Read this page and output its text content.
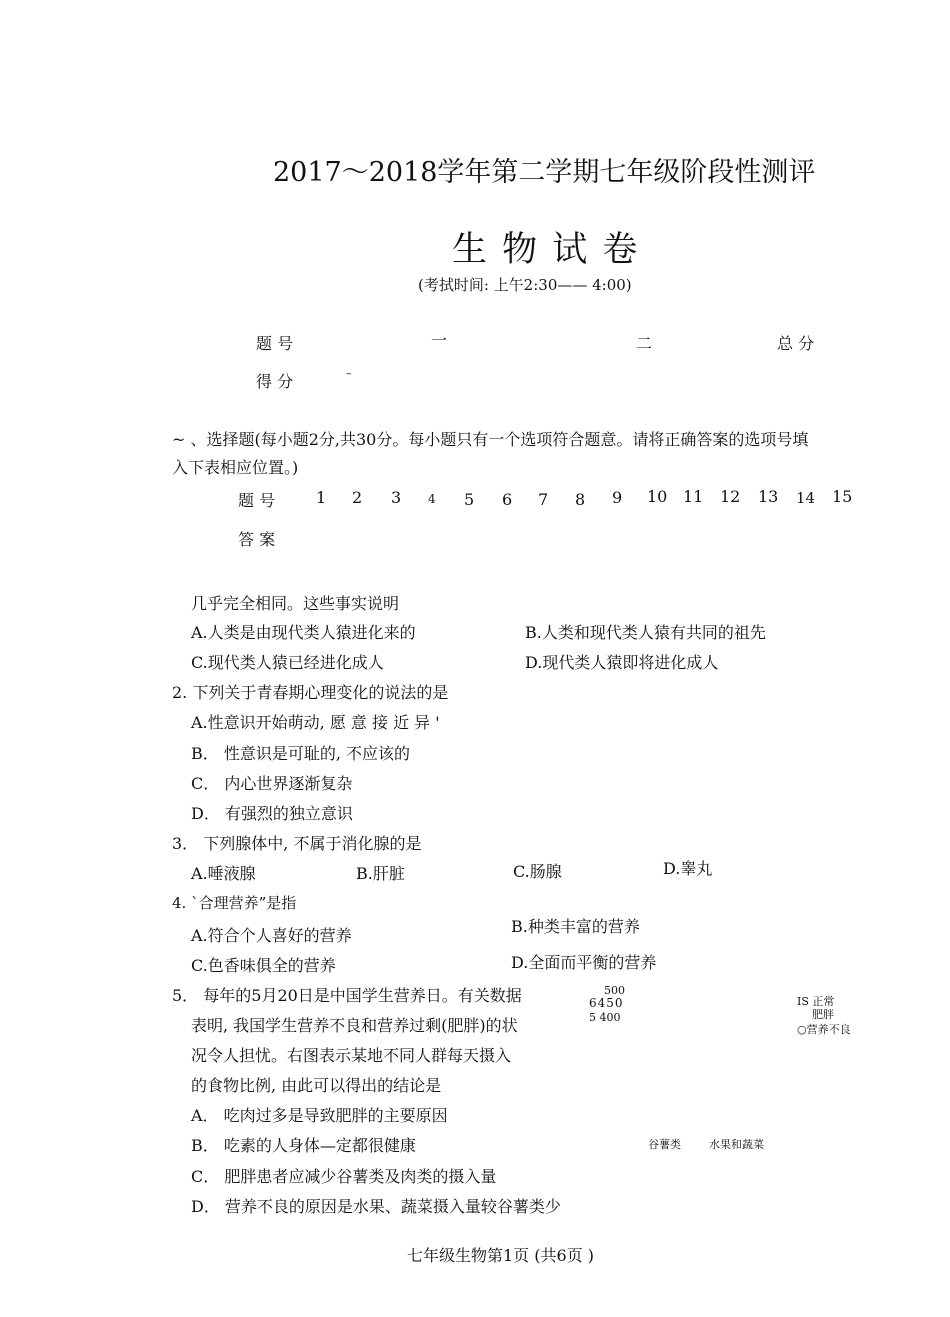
2017～2018学年第二学期七年级阶段性测评
生 物 试 卷
(考拭时间: 上午2:30—— 4:00)
题 号	一	二	总 分
得 分	–
~ 、选择题(每小题2分,共30分。每小题只有一个选项符合题意。请将正确答案的选项号填
入下表相应位置。)
题 号	1 2 3 4 5 6 7 8 9 10 11 12 13 14 15
答 案
几乎完全相同。这些事实说明
A.人类是由现代类人猿进化来的	B.人类和现代类人猿有共同的祖先
C.现代类人猿已经进化成人	D.现代类人猿即将进化成人
2. 下列关于青春期心理变化的说法的是
A.性意识开始萌动, 愿 意 接 近 异 '
B． 性意识是可耻的, 不应该的
C． 内心世界逐渐复杂
D． 有强烈的独立意识
3． 下列腺体中, 不属于消化腺的是
A.唾液腺	B.肝脏	C.肠腺	D.睾丸
4. `合理营养”是指
A.符合个人喜好的营养	B.种类丰富的营养
C.色香味俱全的营养	D.全面而平衡的营养
5． 每年的5月20日是中国学生营养日。有关数据
表明, 我国学生营养不良和营养过剩(肥胖)的状
况令人担忧。右图表示某地不同人群每天摄入
的食物比例, 由此可以得出的结论是
A． 吃肉过多是导致肥胖的主要原因
B． 吃素的人身体—定都很健康
C． 肥胖患者应减少谷薯类及肉类的摄入量
D． 营养不良的原因是水果、蔬菜摄入量较谷薯类少
500
6450
5 400
IS 正常
肥胖
○营养不良
谷薯类	水果和蔬菜
七年级生物第1页 (共6页 )
